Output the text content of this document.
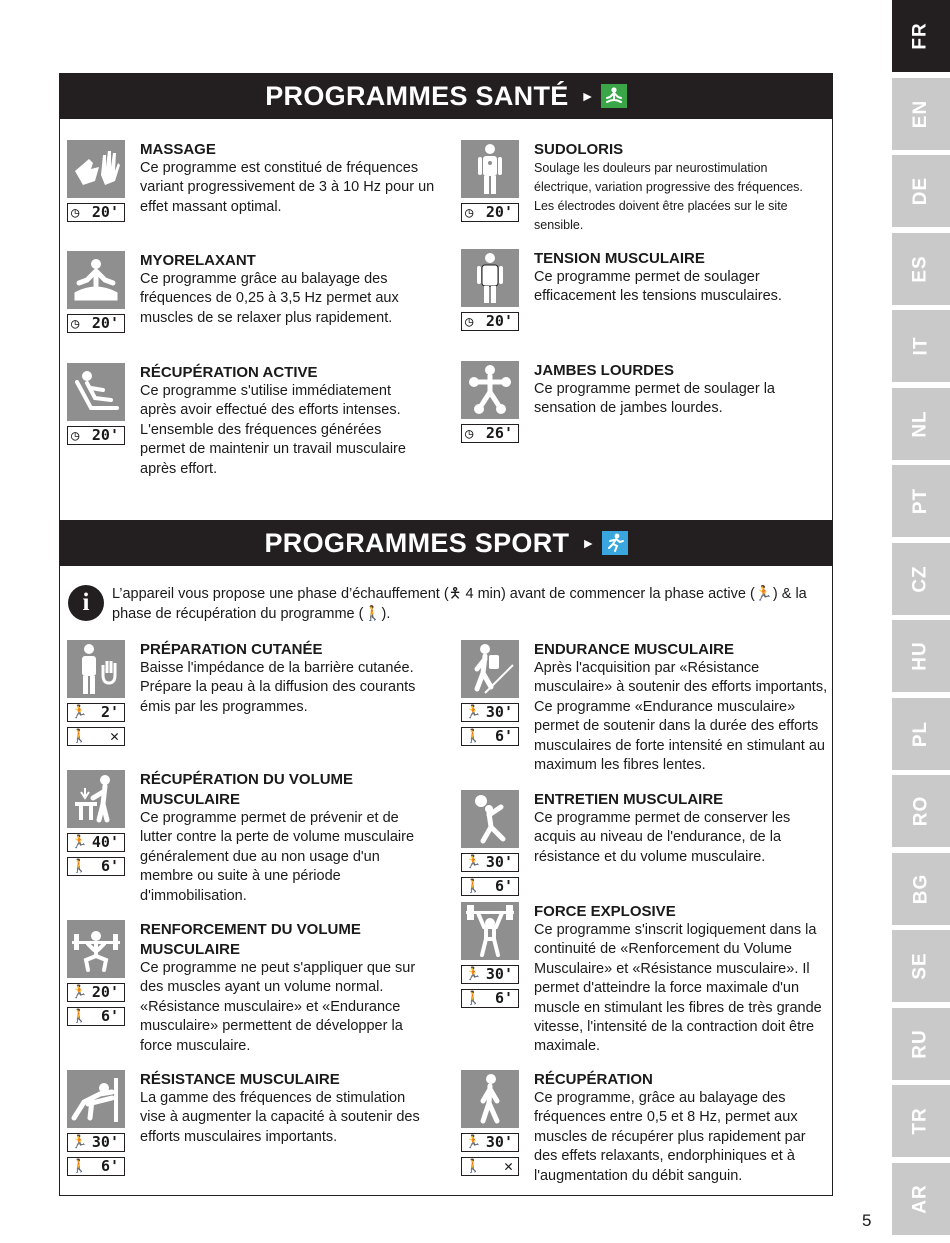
FR
EN
DE
ES
IT
NL
PT
CZ
HU
PL
RO
BG
SE
RU
TR
AR
PROGRAMMES SANTÉ ►
◷ 20'
MASSAGE
Ce programme est constitué de fréquences variant progressivement de 3 à 10 Hz pour un effet massant optimal.
◷ 20'
MYORELAXANT
Ce programme grâce au balayage des fréquences de 0,25 à 3,5 Hz permet aux muscles de se relaxer plus rapidement.
◷ 20'
RÉCUPÉRATION ACTIVE
Ce programme s'utilise immédiatement après avoir effectué des efforts intenses. L'ensemble des fréquences générées permet de maintenir un travail musculaire après effort.
◷ 20'
SUDOLORIS
Soulage les douleurs par neurostimulation électrique, variation progressive des fréquences. Les électrodes doivent être placées sur le site sensible.
◷ 20'
TENSION MUSCULAIRE
Ce programme permet de soulager efficacement les tensions musculaires.
◷ 26'
JAMBES LOURDES
Ce programme permet de soulager la sensation de jambes lourdes.
PROGRAMMES SPORT ►
i	L’appareil vous propose une phase d’échauffement (🯅 4 min) avant de commencer la phase active (🏃) & la phase de récupération du programme (🚶).
🏃 2'
🚶 ✕
PRÉPARATION CUTANÉE
Baisse l'impédance de la barrière cutanée. Prépare la peau à la diffusion des courants émis par les programmes.
🏃 40'
🚶 6'
RÉCUPÉRATION DU VOLUME
MUSCULAIRE
Ce programme permet de prévenir et de lutter contre la perte de volume musculaire généralement due au non usage d'un membre ou suite à une période d'immobilisation.
🏃 20'
🚶 6'
RENFORCEMENT DU VOLUME
MUSCULAIRE
Ce programme ne peut s'appliquer que sur des muscles ayant un volume normal. «Résistance musculaire» et «Endurance musculaire» permettent de développer la force musculaire.
🏃 30'
🚶 6'
RÉSISTANCE MUSCULAIRE
La gamme des fréquences de stimulation vise à augmenter la capacité à soutenir des efforts musculaires importants.
🏃 30'
🚶 6'
ENDURANCE MUSCULAIRE
Après l'acquisition par «Résistance musculaire» à soutenir des efforts importants, Ce programme «Endurance musculaire» permet de soutenir dans la durée des efforts musculaires de forte intensité en stimulant au maximum les fibres lentes.
🏃 30'
🚶 6'
ENTRETIEN MUSCULAIRE
Ce programme permet de conserver les acquis au niveau de l'endurance, de la résistance et du volume musculaire.
🏃 30'
🚶 6'
FORCE EXPLOSIVE
Ce programme s'inscrit logiquement dans la continuité de «Renforcement du Volume Musculaire» et «Résistance musculaire». Il permet d'atteindre la force maximale d'un muscle en stimulant les fibres de très grande vitesse, l'intensité de la contraction doit être maximale.
🏃 30'
🚶 ✕
RÉCUPÉRATION
Ce programme, grâce au balayage des fréquences entre 0,5 et 8 Hz, permet aux muscles de récupérer plus rapidement par des effets relaxants, endorphiniques et à l'augmentation du débit sanguin.
5
